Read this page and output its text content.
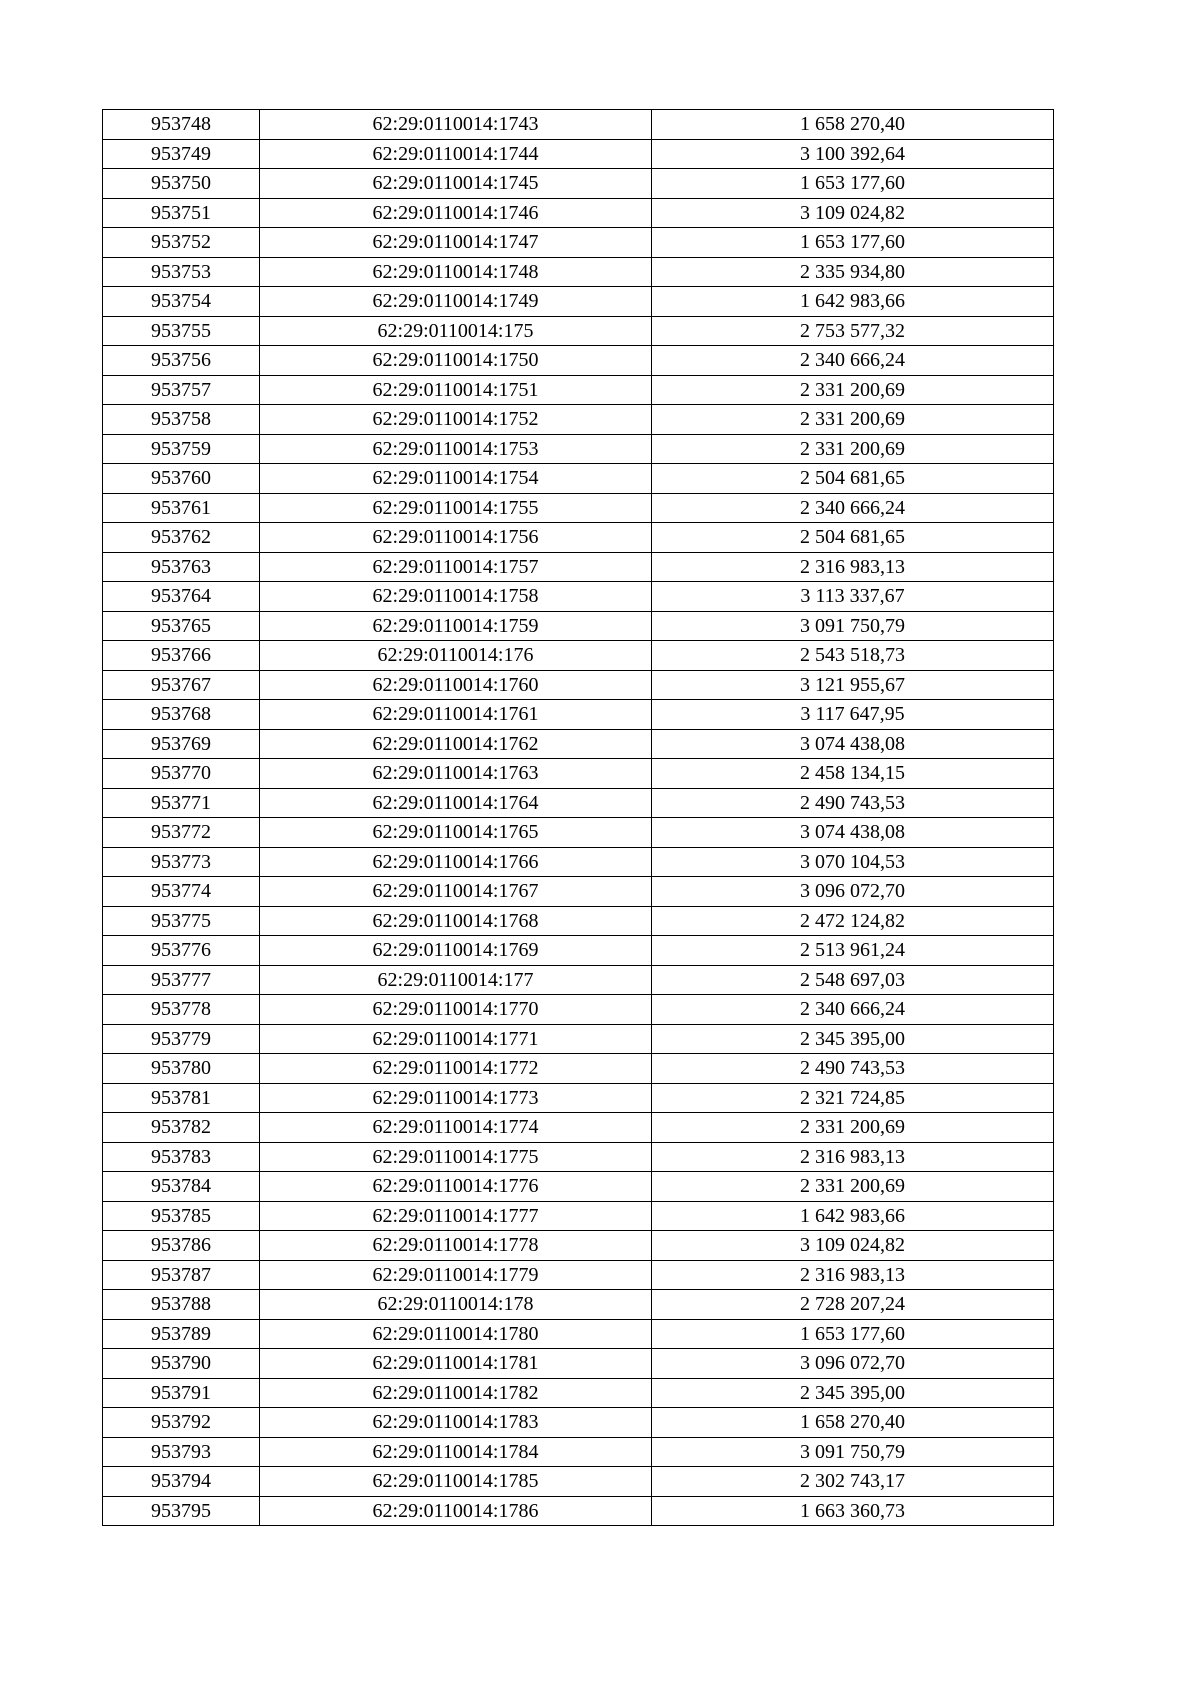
953748	62:29:0110014:1743	1 658 270,40
953749	62:29:0110014:1744	3 100 392,64
953750	62:29:0110014:1745	1 653 177,60
953751	62:29:0110014:1746	3 109 024,82
953752	62:29:0110014:1747	1 653 177,60
953753	62:29:0110014:1748	2 335 934,80
953754	62:29:0110014:1749	1 642 983,66
953755	62:29:0110014:175	2 753 577,32
953756	62:29:0110014:1750	2 340 666,24
953757	62:29:0110014:1751	2 331 200,69
953758	62:29:0110014:1752	2 331 200,69
953759	62:29:0110014:1753	2 331 200,69
953760	62:29:0110014:1754	2 504 681,65
953761	62:29:0110014:1755	2 340 666,24
953762	62:29:0110014:1756	2 504 681,65
953763	62:29:0110014:1757	2 316 983,13
953764	62:29:0110014:1758	3 113 337,67
953765	62:29:0110014:1759	3 091 750,79
953766	62:29:0110014:176	2 543 518,73
953767	62:29:0110014:1760	3 121 955,67
953768	62:29:0110014:1761	3 117 647,95
953769	62:29:0110014:1762	3 074 438,08
953770	62:29:0110014:1763	2 458 134,15
953771	62:29:0110014:1764	2 490 743,53
953772	62:29:0110014:1765	3 074 438,08
953773	62:29:0110014:1766	3 070 104,53
953774	62:29:0110014:1767	3 096 072,70
953775	62:29:0110014:1768	2 472 124,82
953776	62:29:0110014:1769	2 513 961,24
953777	62:29:0110014:177	2 548 697,03
953778	62:29:0110014:1770	2 340 666,24
953779	62:29:0110014:1771	2 345 395,00
953780	62:29:0110014:1772	2 490 743,53
953781	62:29:0110014:1773	2 321 724,85
953782	62:29:0110014:1774	2 331 200,69
953783	62:29:0110014:1775	2 316 983,13
953784	62:29:0110014:1776	2 331 200,69
953785	62:29:0110014:1777	1 642 983,66
953786	62:29:0110014:1778	3 109 024,82
953787	62:29:0110014:1779	2 316 983,13
953788	62:29:0110014:178	2 728 207,24
953789	62:29:0110014:1780	1 653 177,60
953790	62:29:0110014:1781	3 096 072,70
953791	62:29:0110014:1782	2 345 395,00
953792	62:29:0110014:1783	1 658 270,40
953793	62:29:0110014:1784	3 091 750,79
953794	62:29:0110014:1785	2 302 743,17
953795	62:29:0110014:1786	1 663 360,73
